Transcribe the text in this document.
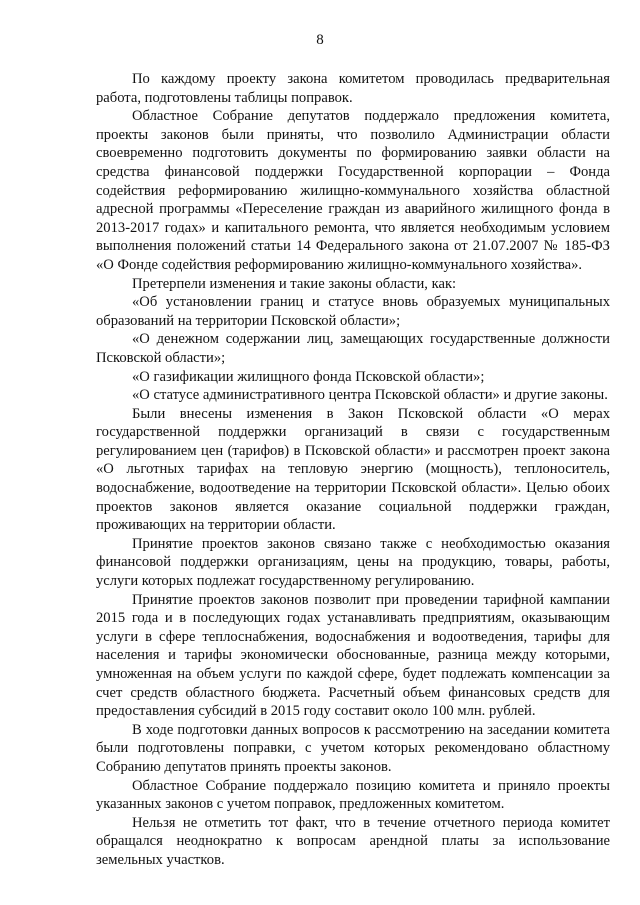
8

По каждому проекту закона комитетом проводилась предварительная работа, подготовлены таблицы поправок.

Областное Собрание депутатов поддержало предложения комитета, проекты законов были приняты, что позволило Администрации области своевременно подготовить документы по формированию заявки области на средства финансовой поддержки Государственной корпорации – Фонда содействия реформированию жилищно-коммунального хозяйства областной адресной программы «Переселение граждан из аварийного жилищного фонда в 2013-2017 годах» и капитального ремонта, что является необходимым условием выполнения положений статьи 14 Федерального закона от 21.07.2007 № 185-ФЗ «О Фонде содействия реформированию жилищно-коммунального хозяйства».

Претерпели изменения и такие законы области, как:

«Об установлении границ и статусе вновь образуемых муниципальных образований на территории Псковской области»;

«О денежном содержании лиц, замещающих государственные должности Псковской области»;

«О газификации жилищного фонда Псковской области»;

«О статусе административного центра Псковской области» и другие законы.

Были внесены изменения в Закон Псковской области «О мерах государственной поддержки организаций в связи с государственным регулированием цен (тарифов) в Псковской области» и рассмотрен проект закона «О льготных тарифах на тепловую энергию (мощность), теплоноситель, водоснабжение, водоотведение на территории Псковской области». Целью обоих проектов законов является оказание социальной поддержки граждан, проживающих на территории области.

Принятие проектов законов связано также с необходимостью оказания финансовой поддержки организациям, цены на продукцию, товары, работы, услуги которых подлежат государственному регулированию.

Принятие проектов законов позволит при проведении тарифной кампании 2015 года и в последующих годах устанавливать предприятиям, оказывающим услуги в сфере теплоснабжения, водоснабжения и водоотведения, тарифы для населения и тарифы экономически обоснованные, разница между которыми, умноженная на объем услуги по каждой сфере, будет подлежать компенсации за счет средств областного бюджета. Расчетный объем финансовых средств для предоставления субсидий в 2015 году составит около 100 млн. рублей.

В ходе подготовки данных вопросов к рассмотрению на заседании комитета были подготовлены поправки, с учетом которых рекомендовано областному Собранию депутатов принять проекты законов.

Областное Собрание поддержало позицию комитета и приняло проекты указанных законов с учетом поправок, предложенных комитетом.

Нельзя не отметить тот факт, что в течение отчетного периода комитет обращался неоднократно к вопросам арендной платы за использование земельных участков.
